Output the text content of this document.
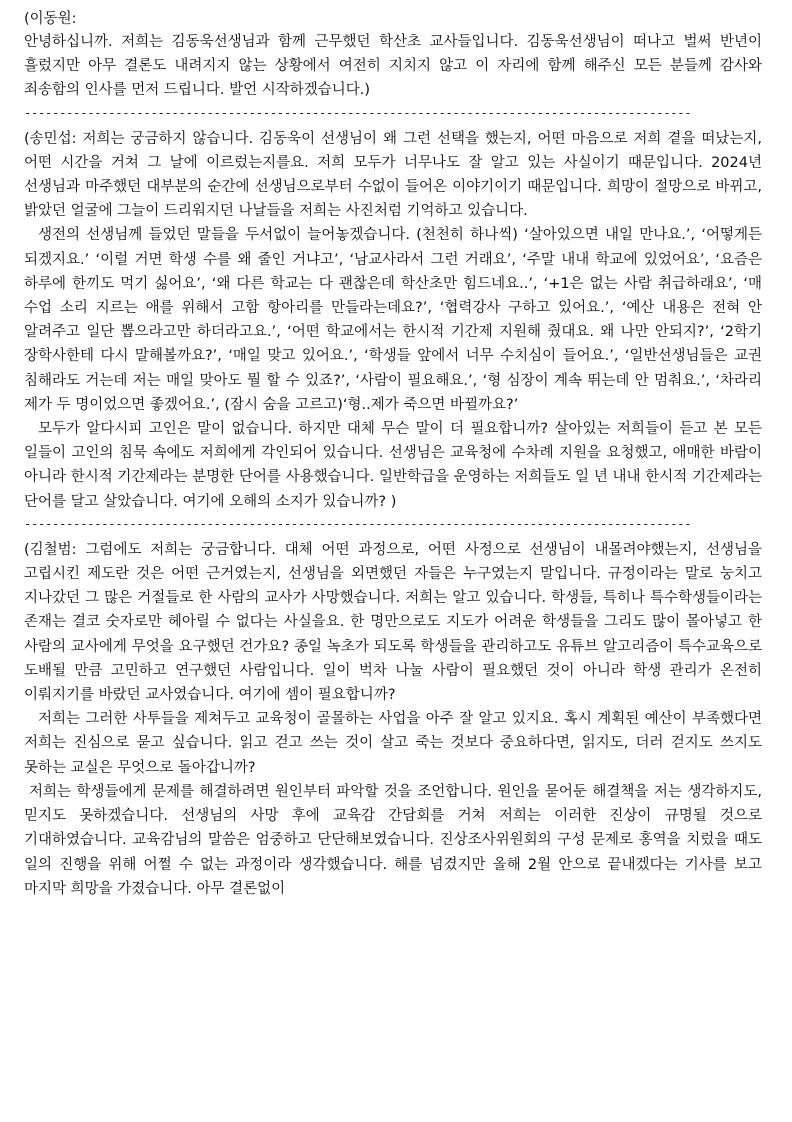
(이동원:

안녕하십니까. 저희는 김동욱선생님과 함께 근무했던 학산초 교사들입니다. 김동욱선생님이 떠나고 벌써 반년이 흘렀지만 아무 결론도 내려지지 않는 상황에서 여전히 지치지 않고 이 자리에 함께 해주신 모든 분들께 감사와 죄송함의 인사를 먼저 드립니다. 발언 시작하겠습니다.)

-----------------------------------------------------------------------------------------------

(송민섭: 저희는 궁금하지 않습니다. 김동욱이 선생님이 왜 그런 선택을 했는지, 어떤 마음으로 저희 곁을 떠났는지, 어떤 시간을 거쳐 그 날에 이르렀는지를요. 저희 모두가 너무나도 잘 알고 있는 사실이기 때문입니다. 2024년 선생님과 마주했던 대부분의 순간에 선생님으로부터 수없이 들어온 이야기이기 때문입니다. 희망이 절망으로 바뀌고, 밝았던 얼굴에 그늘이 드리워지던 나날들을 저희는 사진처럼 기억하고 있습니다.

생전의 선생님께 들었던 말들을 두서없이 늘어놓겠습니다. (천천히 하나씩) ‘살아있으면 내일 만나요.’, ‘어떻게든 되겠지요.’ ‘이럴 거면 학생 수를 왜 줄인 거냐고’, ‘남교사라서 그런 거래요’, ‘주말 내내 학교에 있었어요’, ‘요즘은 하루에 한끼도 먹기 싫어요’, ‘왜 다른 학교는 다 괜찮은데 학산초만 힘드네요..’, ‘+1은 없는 사람 취급하래요’, ‘매 수업 소리 지르는 애를 위해서 고함 항아리를 만들라는데요?’, ‘협력강사 구하고 있어요.’, ‘예산 내용은 전혀 안 알려주고 일단 뽑으라고만 하더라고요.’, ‘어떤 학교에서는 한시적 기간제 지원해 줬대요. 왜 나만 안되지?’, ‘2학기 장학사한테 다시 말해볼까요?’, ‘매일 맞고 있어요.’, ‘학생들 앞에서 너무 수치심이 들어요.’, ‘일반선생님들은 교권 침해라도 거는데 저는 매일 맞아도 뭘 할 수 있죠?’, ‘사람이 필요해요.’, ‘형 심장이 계속 뛰는데 안 멈춰요.’, ‘차라리 제가 두 명이었으면 좋겠어요.’, (잠시 숨을 고르고)‘형..제가 죽으면 바뀔까요?’

모두가 알다시피 고인은 말이 없습니다. 하지만 대체 무슨 말이 더 필요합니까? 살아있는 저희들이 듣고 본 모든 일들이 고인의 침묵 속에도 저희에게 각인되어 있습니다. 선생님은 교육청에 수차례 지원을 요청했고, 애매한 바람이 아니라 한시적 기간제라는 분명한 단어를 사용했습니다. 일반학급을 운영하는 저희들도 일 년 내내 한시적 기간제라는 단어를 달고 살았습니다. 여기에 오해의 소지가 있습니까? )

-----------------------------------------------------------------------------------------------

(김철범: 그럼에도 저희는 궁금합니다. 대체 어떤 과정으로, 어떤 사정으로 선생님이 내몰려야했는지, 선생님을 고립시킨 제도란 것은 어떤 근거였는지, 선생님을 외면했던 자들은 누구였는지 말입니다. 규정이라는 말로 눙치고 지나갔던 그 많은 거절들로 한 사람의 교사가 사망했습니다. 저희는 알고 있습니다. 학생들, 특히나 특수학생들이라는 존재는 결코 숫자로만 헤아릴 수 없다는 사실을요. 한 명만으로도 지도가 어려운 학생들을 그리도 많이 몰아넣고 한 사람의 교사에게 무엇을 요구했던 건가요? 종일 녹초가 되도록 학생들을 관리하고도 유튜브 알고리즘이 특수교육으로 도배될 만큼 고민하고 연구했던 사람입니다. 일이 벅차 나눌 사람이 필요했던 것이 아니라 학생 관리가 온전히 이뤄지기를 바랐던 교사였습니다. 여기에 셈이 필요합니까?

저희는 그러한 사투들을 제쳐두고 교육청이 골몰하는 사업을 아주 잘 알고 있지요. 혹시 계획된 예산이 부족했다면 저희는 진심으로 묻고 싶습니다. 읽고 걷고 쓰는 것이 살고 죽는 것보다 중요하다면, 읽지도, 더러 걷지도 쓰지도 못하는 교실은 무엇으로 돌아갑니까?

저희는 학생들에게 문제를 해결하려면 원인부터 파악할 것을 조언합니다. 원인을 묻어둔 해결책을 저는 생각하지도, 믿지도 못하겠습니다. 선생님의 사망 후에 교육감 간담회를 거쳐 저희는 이러한 진상이 규명될 것으로 기대하였습니다. 교육감님의 말씀은 엄중하고 단단해보였습니다. 진상조사위원회의 구성 문제로 홍역을 치렀을 때도 일의 진행을 위해 어쩔 수 없는 과정이라 생각했습니다. 해를 넘겼지만 올해 2월 안으로 끝내겠다는 기사를 보고 마지막 희망을 가졌습니다. 아무 결론없이
